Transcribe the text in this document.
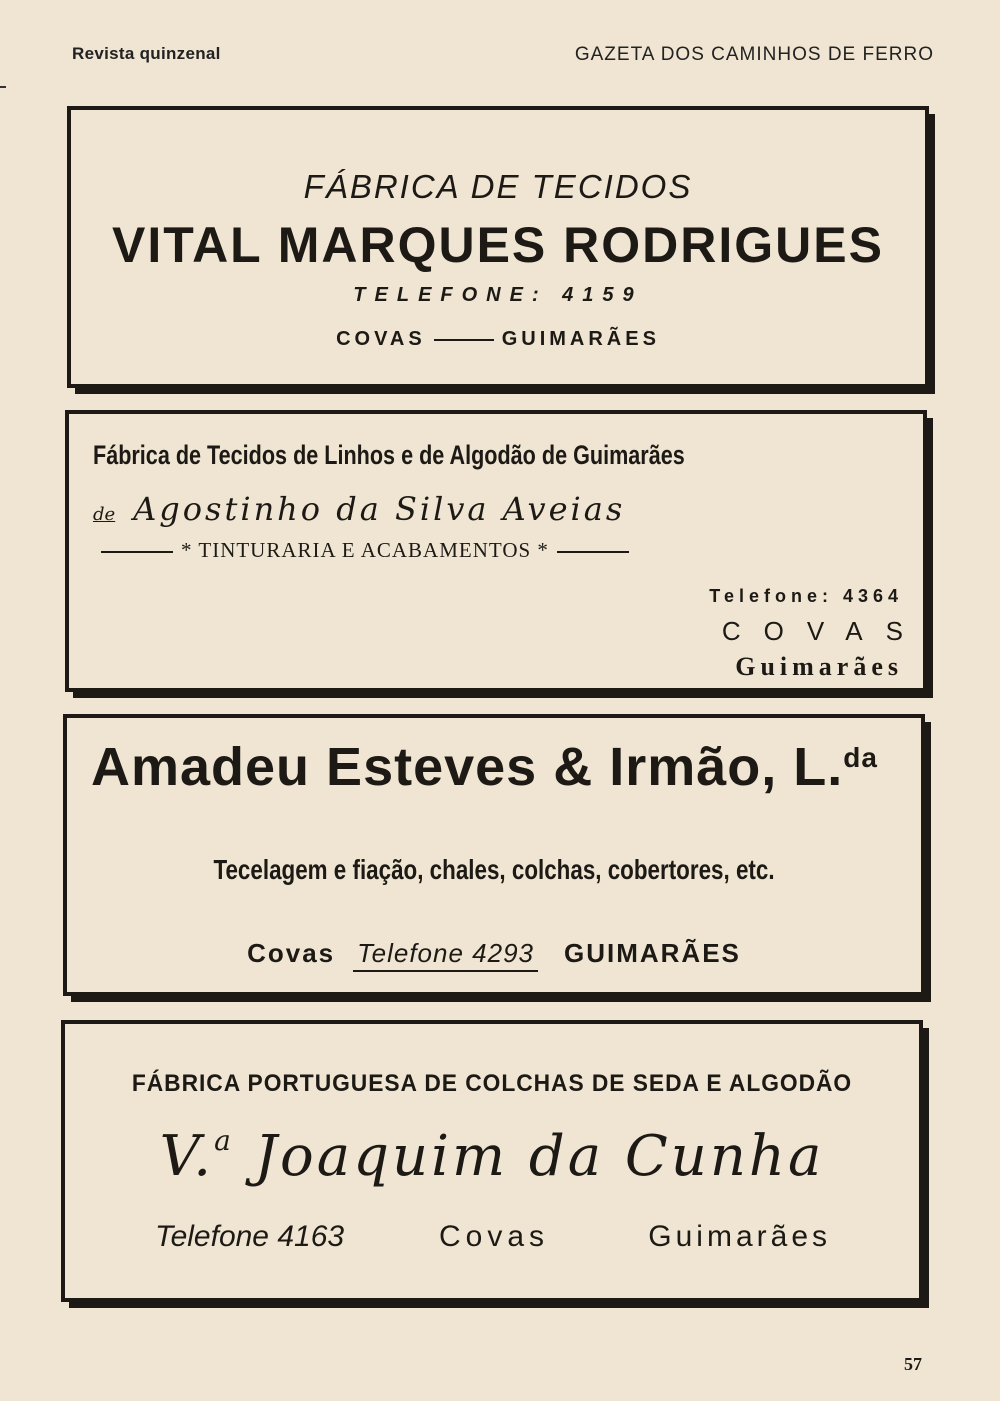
Revista quinzenal	GAZETA DOS CAMINHOS DE FERRO
FÁBRICA DE TECIDOS
VITAL MARQUES RODRIGUES
TELEFONE: 4159
COVAS	GUIMARÃES
Fábrica de Tecidos de Linhos e de Algodão de Guimarães
de Agostinho da Silva Aveias
* TINTURARIA E ACABAMENTOS *
Telefone: 4364
COVAS
Guimarães
Amadeu Esteves & Irmão, L.$^{da}$
Tecelagem e fiação, chales, colchas, cobertores, etc.
Covas Telefone 4293 GUIMARÃES
FÁBRICA PORTUGUESA DE COLCHAS DE SEDA E ALGODÃO
V.$^a$ Joaquim da Cunha
Telefone 4163	Covas	Guimarães
57
